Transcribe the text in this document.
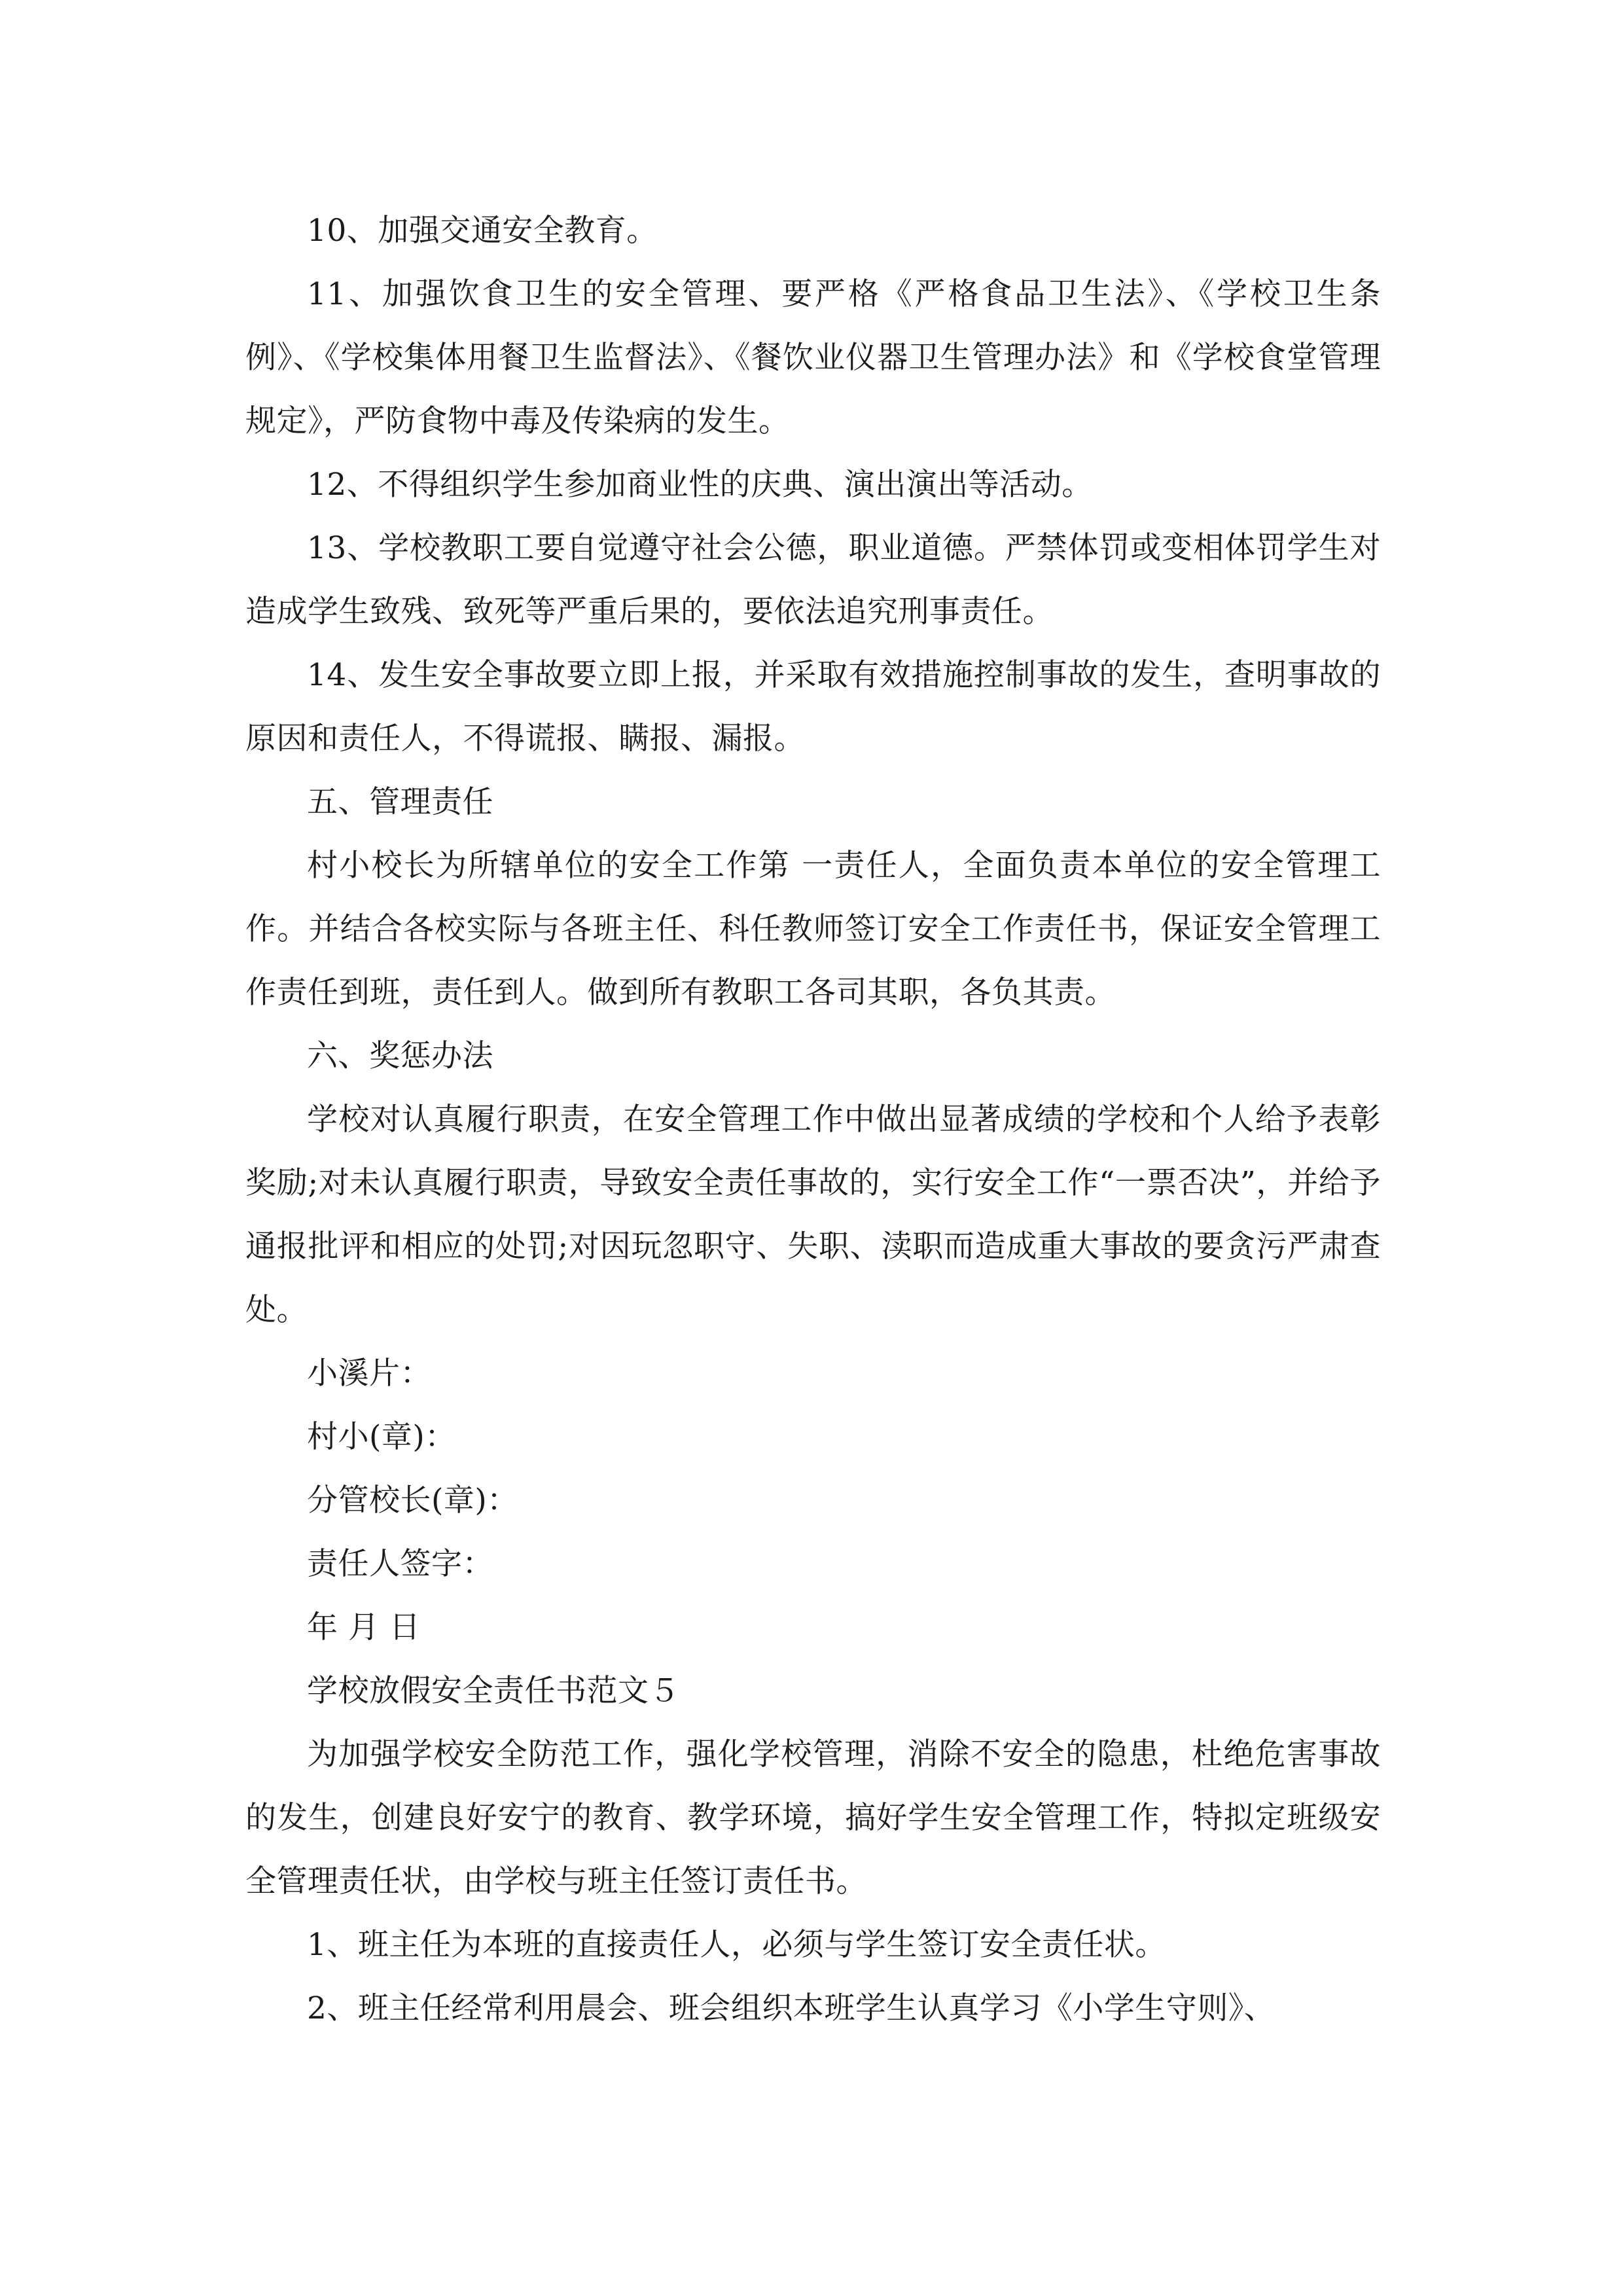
10、加强交通安全教育。

11、加强饮食卫生的安全管理、要严格《严格食品卫生法》、《学校卫生条例》、《学校集体用餐卫生监督法》、《餐饮业仪器卫生管理办法》和《学校食堂管理规定》，严防食物中毒及传染病的发生。

12、不得组织学生参加商业性的庆典、演出演出等活动。

13、学校教职工要自觉遵守社会公德，职业道德。严禁体罚或变相体罚学生对造成学生致残、致死等严重后果的，要依法追究刑事责任。

14、发生安全事故要立即上报，并采取有效措施控制事故的发生，查明事故的原因和责任人，不得谎报、瞒报、漏报。

五、管理责任

村小校长为所辖单位的安全工作第 一责任人，全面负责本单位的安全管理工作。并结合各校实际与各班主任、科任教师签订安全工作责任书，保证安全管理工作责任到班，责任到人。做到所有教职工各司其职，各负其责。

六、奖惩办法

学校对认真履行职责，在安全管理工作中做出显著成绩的学校和个人给予表彰奖励;对未认真履行职责，导致安全责任事故的，实行安全工作“一票否决”，并给予通报批评和相应的处罚;对因玩忽职守、失职、渎职而造成重大事故的要贪污严肃查处。

小溪片：

村小(章)：

分管校长(章)：

责任人签字：

年 月 日

学校放假安全责任书范文５

为加强学校安全防范工作，强化学校管理，消除不安全的隐患，杜绝危害事故的发生，创建良好安宁的教育、教学环境，搞好学生安全管理工作，特拟定班级安全管理责任状，由学校与班主任签订责任书。

1、班主任为本班的直接责任人，必须与学生签订安全责任状。

2、班主任经常利用晨会、班会组织本班学生认真学习《小学生守则》、
